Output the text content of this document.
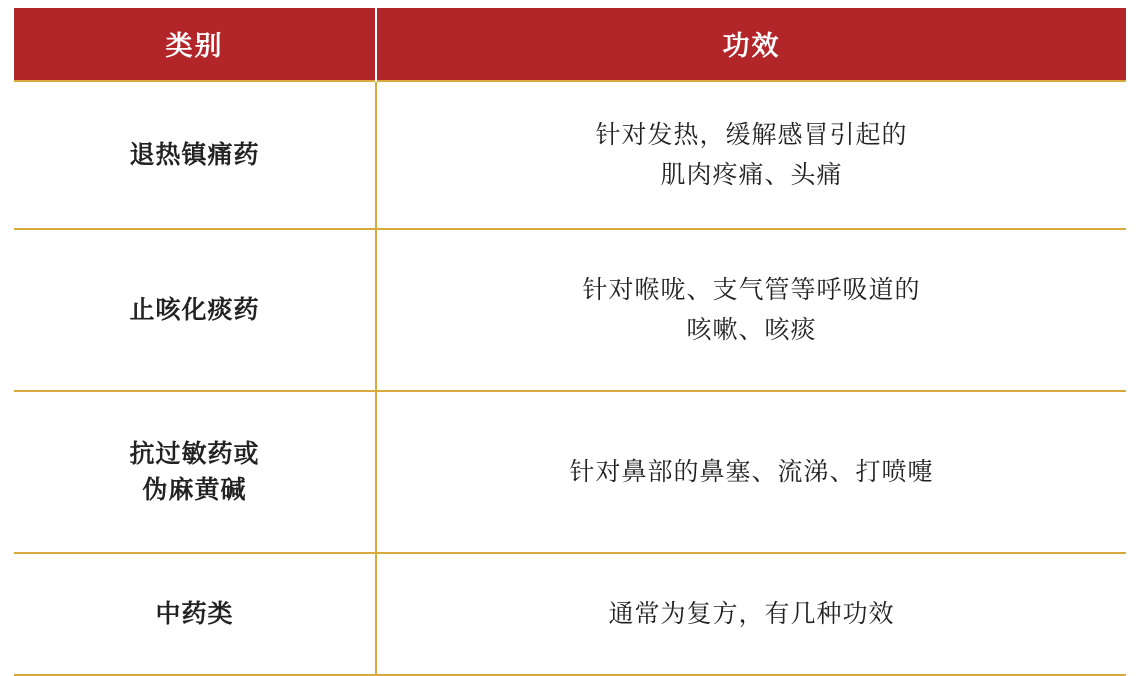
类别	功效
退热镇痛药	针对发热，缓解感冒引起的
肌肉疼痛、头痛

止咳化痰药	针对喉咙、支气管等呼吸道的
咳嗽、咳痰

抗过敏药或
伪麻黄碱	针对鼻部的鼻塞、流涕、打喷嚏

中药类	通常为复方，有几种功效
